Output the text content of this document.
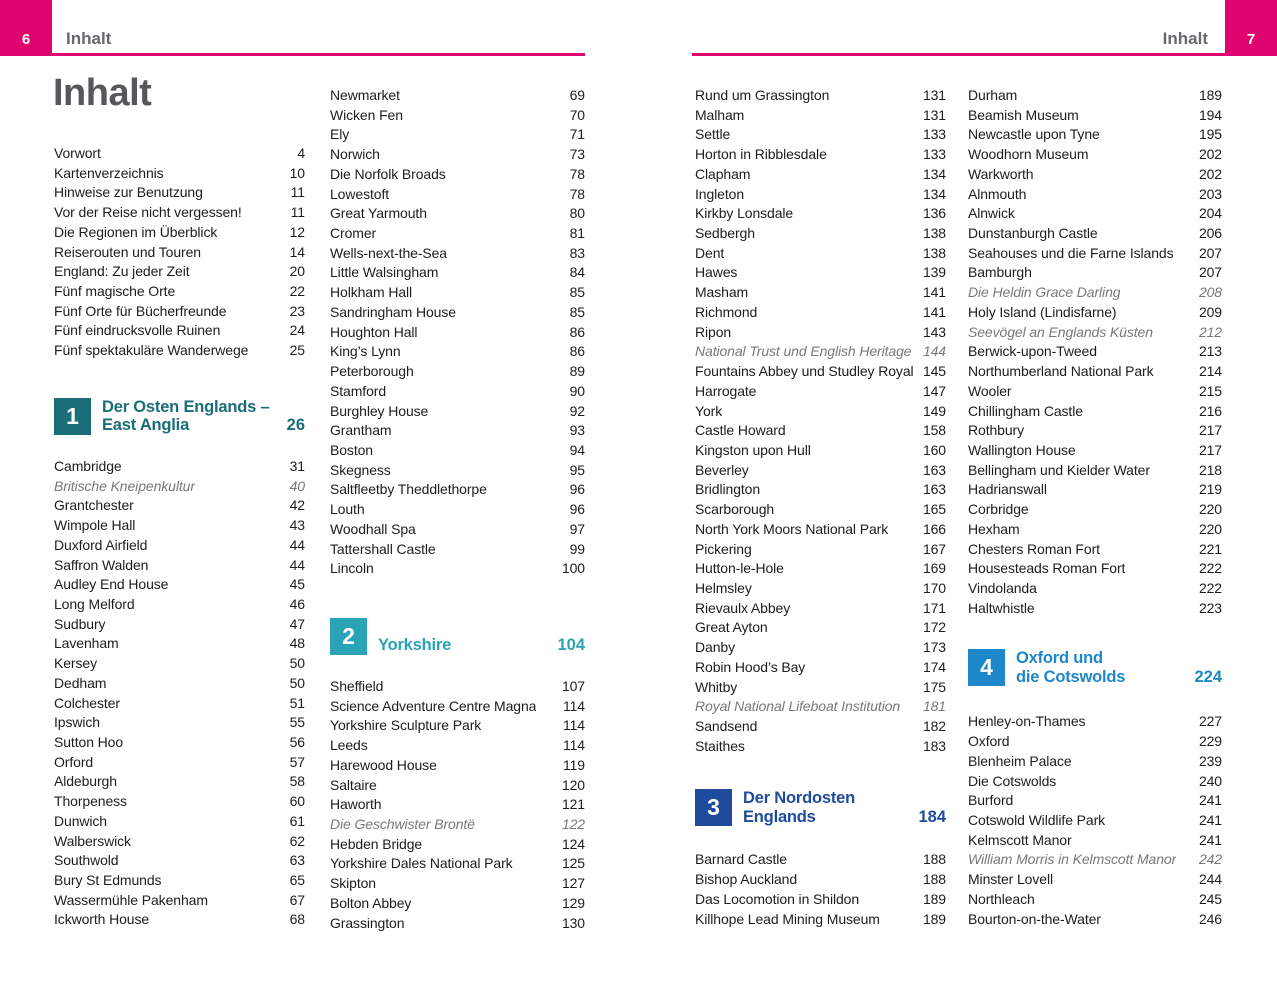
6	Inhalt	Inhalt	7
Inhalt
Vorwort	4
Kartenverzeichnis	10
Hinweise zur Benutzung	11
Vor der Reise nicht vergessen!	11
Die Regionen im Überblick	12
Reiserouten und Touren	14
England: Zu jeder Zeit	20
Fünf magische Orte	22
Fünf Orte für Bücherfreunde	23
Fünf eindrucksvolle Ruinen	24
Fünf spektakuläre Wanderwege	25
1	Der Osten Englands –
East Anglia	26
Cambridge	31
Britische Kneipenkultur	40
Grantchester	42
Wimpole Hall	43
Duxford Airfield	44
Saffron Walden	44
Audley End House	45
Long Melford	46
Sudbury	47
Lavenham	48
Kersey	50
Dedham	50
Colchester	51
Ipswich	55
Sutton Hoo	56
Orford	57
Aldeburgh	58
Thorpeness	60
Dunwich	61
Walberswick	62
Southwold	63
Bury St Edmunds	65
Wassermühle Pakenham	67
Ickworth House	68
Newmarket	69
Wicken Fen	70
Ely	71
Norwich	73
Die Norfolk Broads	78
Lowestoft	78
Great Yarmouth	80
Cromer	81
Wells-next-the-Sea	83
Little Walsingham	84
Holkham Hall	85
Sandringham House	85
Houghton Hall	86
King’s Lynn	86
Peterborough	89
Stamford	90
Burghley House	92
Grantham	93
Boston	94
Skegness	95
Saltfleetby Theddlethorpe	96
Louth	96
Woodhall Spa	97
Tattershall Castle	99
Lincoln	100
2	Yorkshire	104
Sheffield	107
Science Adventure Centre Magna 114
Yorkshire Sculpture Park	114
Leeds	114
Harewood House	119
Saltaire	120
Haworth	121
Die Geschwister Brontë	122
Hebden Bridge	124
Yorkshire Dales National Park	125
Skipton	127
Bolton Abbey	129
Grassington	130
Rund um Grassington	131
Malham	131
Settle	133
Horton in Ribblesdale	133
Clapham	134
Ingleton	134
Kirkby Lonsdale	136
Sedbergh	138
Dent	138
Hawes	139
Masham	141
Richmond	141
Ripon	143
National Trust und English Heritage 144
Fountains Abbey und Studley Royal 145
Harrogate	147
York	149
Castle Howard	158
Kingston upon Hull	160
Beverley	163
Bridlington	163
Scarborough	165
North York Moors National Park 166
Pickering	167
Hutton-le-Hole	169
Helmsley	170
Rievaulx Abbey	171
Great Ayton	172
Danby	173
Robin Hood’s Bay	174
Whitby	175
Royal National Lifeboat Institution 181
Sandsend	182
Staithes	183
3	Der Nordosten
Englands	184
Barnard Castle	188
Bishop Auckland	188
Das Locomotion in Shildon	189
Killhope Lead Mining Museum	189
Durham	189
Beamish Museum	194
Newcastle upon Tyne	195
Woodhorn Museum	202
Warkworth	202
Alnmouth	203
Alnwick	204
Dunstanburgh Castle	206
Seahouses und die Farne Islands 207
Bamburgh	207
Die Heldin Grace Darling	208
Holy Island (Lindisfarne)	209
Seevögel an Englands Küsten	212
Berwick-upon-Tweed	213
Northumberland National Park	214
Wooler	215
Chillingham Castle	216
Rothbury	217
Wallington House	217
Bellingham und Kielder Water	218
Hadrianswall	219
Corbridge	220
Hexham	220
Chesters Roman Fort	221
Housesteads Roman Fort	222
Vindolanda	222
Haltwhistle	223
4	Oxford und
die Cotswolds	224
Henley-on-Thames	227
Oxford	229
Blenheim Palace	239
Die Cotswolds	240
Burford	241
Cotswold Wildlife Park	241
Kelmscott Manor	241
William Morris in Kelmscott Manor 242
Minster Lovell	244
Northleach	245
Bourton-on-the-Water	246
